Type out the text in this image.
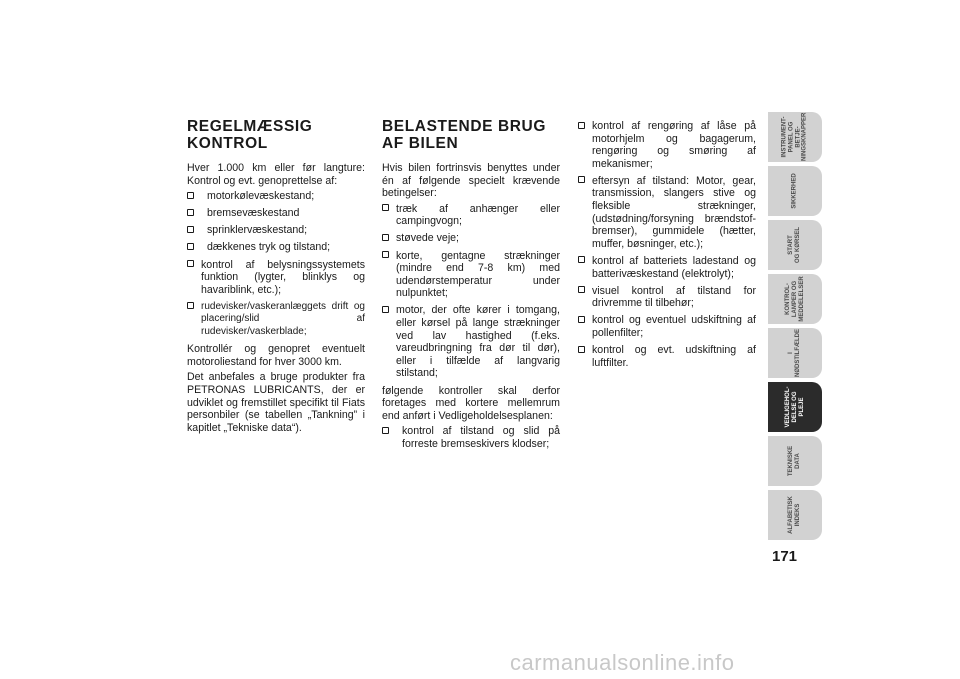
REGELMÆSSIG
KONTROL

Hver 1.000 km eller før langture: Kontrol og evt. genoprettelse af:

motorkølevæskestand;
bremsevæskestand
sprinklervæskestand;
dækkenes tryk og tilstand;
kontrol af belysningssystemets funktion (lygter, blinklys og havariblink, etc.);
rudevisker/vaskeranlæggets drift og placering/slid af rudevisker/vaskerblade;

Kontrollér og genopret eventuelt motoroliestand for hver 3000 km.

Det anbefales a bruge produkter fra PETRONAS LUBRICANTS, der er udviklet og fremstillet specifikt til Fiats personbiler (se tabellen „Tankning” i kapitlet „Tekniske data“).

BELASTENDE BRUG
AF BILEN

Hvis bilen fortrinsvis benyttes under én af følgende specielt krævende betingelser:

træk af anhænger eller campingvogn;
støvede veje;
korte, gentagne strækninger (mindre end 7-8 km) med udendørstemperatur under nulpunktet;
motor, der ofte kører i tomgang, eller kørsel på lange strækninger ved lav hastighed (f.eks. vareudbringning fra dør til dør), eller i tilfælde af langvarig stilstand;

følgende kontroller skal derfor foretages med kortere mellemrum end anført i Vedligeholdelsesplanen:

kontrol af tilstand og slid på forreste bremseskivers klodser;
kontrol af rengøring af låse på motorhjelm og bagagerum, rengøring og smøring af mekanismer;
eftersyn af tilstand: Motor, gear, transmission, slangers stive og fleksible strækninger, (udstødning/forsyning brændstof-bremser), gummidele (hætter, muffer, bøsninger, etc.);
kontrol af batteriets ladestand og batterivæskestand (elektrolyt);
visuel kontrol af tilstand for drivremme til tilbehør;
kontrol og eventuel udskiftning af pollenfilter;
kontrol og evt. udskiftning af luftfilter.
INSTRUMENT-
PANEL OG BETJE-
NINGSKNAPPER
SIKKERHED
START
OG KØRSEL
KONTROL-
LAMPER OG
MEDDELELSER
I
NØDSTILFÆLDE
VEDLIGEHOL-
DELSE OG
PLEJE
TEKNISKE
DATA
ALFABETISK
INDEKS
171
carmanualsonline.info
